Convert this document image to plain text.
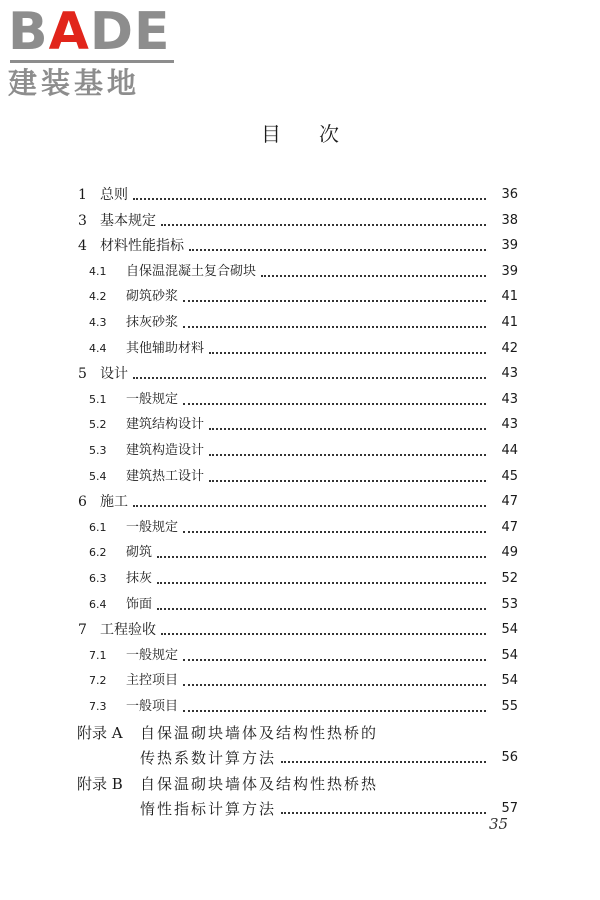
BADE
建装基地
目次
1 总则	36
3 基本规定	38
4 材料性能指标	39
4.1 自保温混凝土复合砌块	39
4.2 砌筑砂浆	41
4.3 抹灰砂浆	41
4.4 其他辅助材料	42
5 设计	43
5.1 一般规定	43
5.2 建筑结构设计	43
5.3 建筑构造设计	44
5.4 建筑热工设计	45
6 施工	47
6.1 一般规定	47
6.2 砌筑	49
6.3 抹灰	52
6.4 饰面	53
7 工程验收	54
7.1 一般规定	54
7.2 主控项目	54
7.3 一般项目	55
附录 A 自保温砌块墙体及结构性热桥的
传热系数计算方法	56
附录 B 自保温砌块墙体及结构性热桥热
惰性指标计算方法	57
35
